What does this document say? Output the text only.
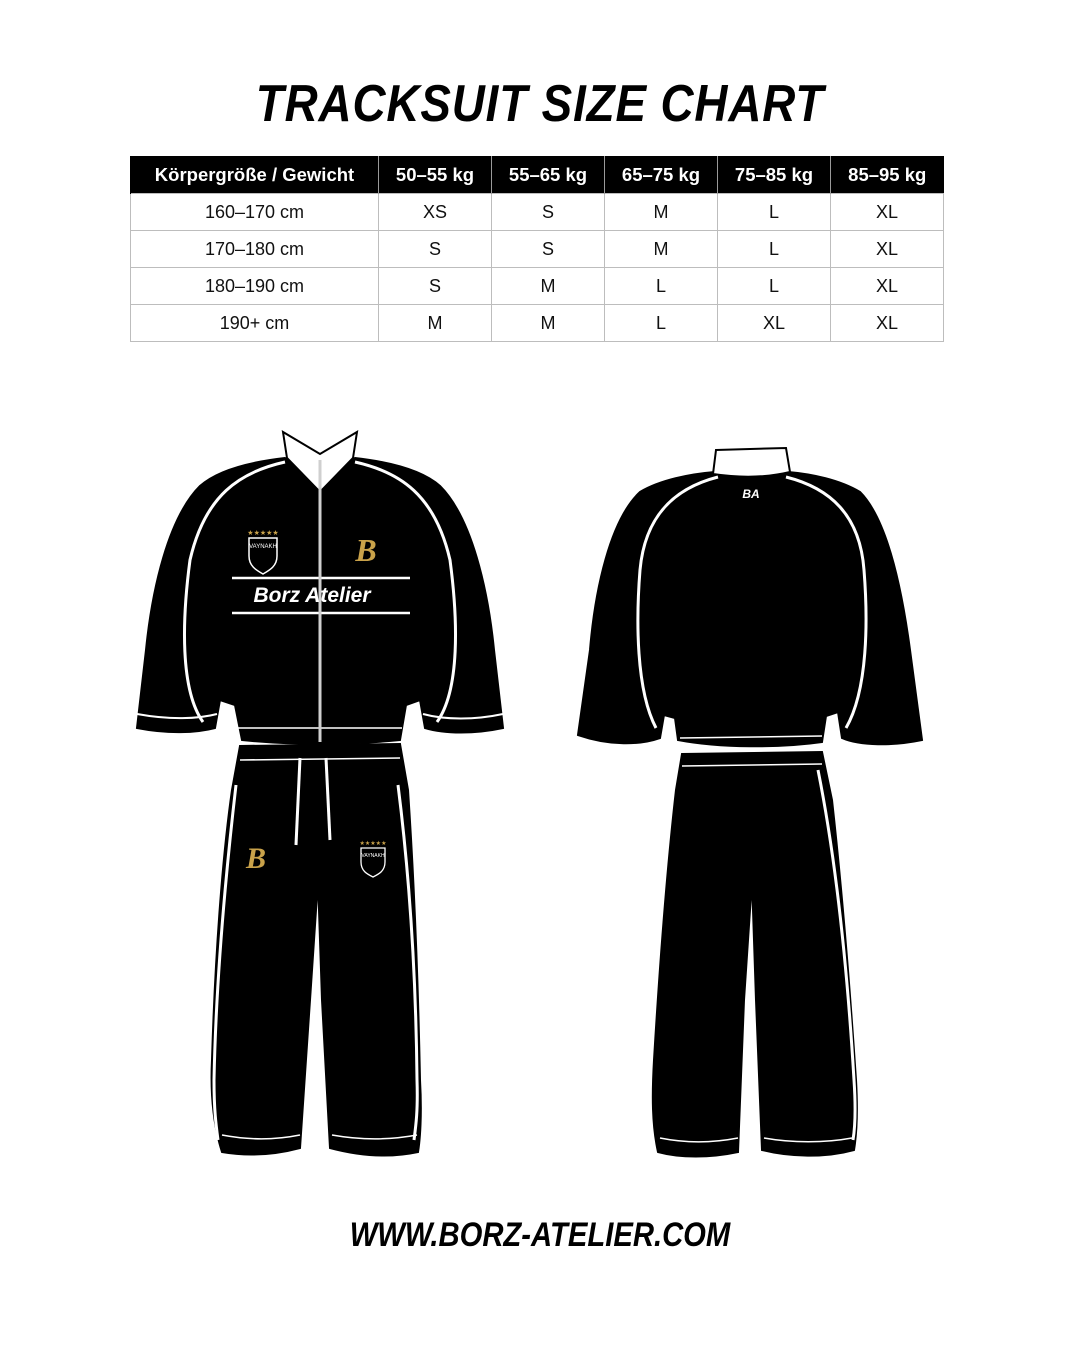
TRACKSUIT SIZE CHART
Körpergröße / Gewicht	50–55 kg	55–65 kg	65–75 kg	75–85 kg	85–95 kg
160–170 cm	XS	S	M	L	XL
170–180 cm	S	S	M	L	XL
180–190 cm	S	M	L	L	XL
190+ cm	M	M	L	XL	XL
Borz Atelier
★★★★★
VAYNAKH B
B	★★★★★
VAYNAKH
BA
WWW.BORZ-ATELIER.COM
